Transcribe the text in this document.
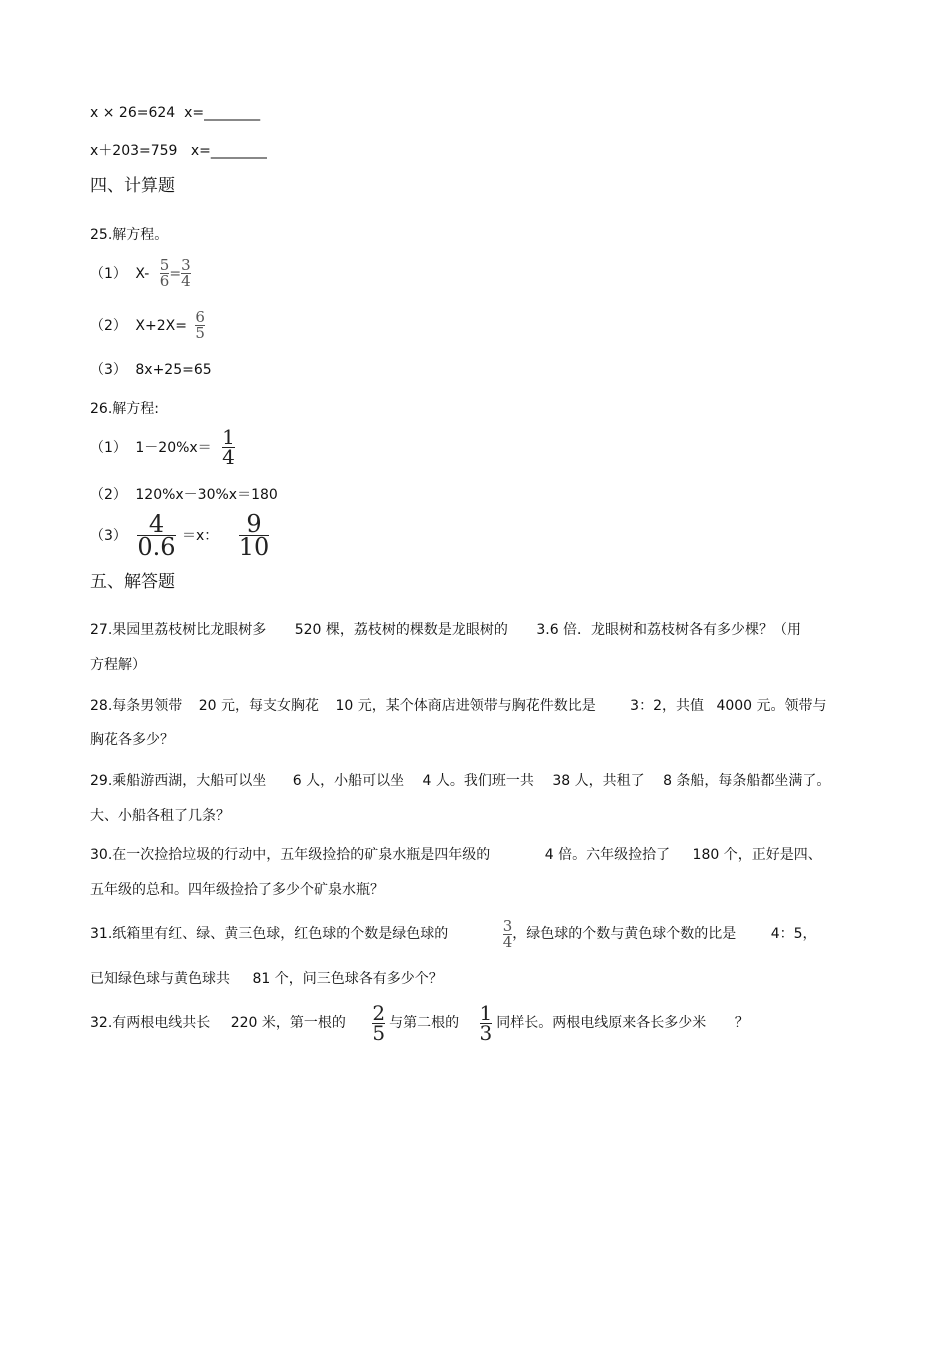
x × 26=624 x=________
x＋203=759 x=________
四、计算题
25.解方程。
（1） $X- \frac{5}{6} = \frac{3}{4}$
（2） $X+2X= \frac{6}{5}$
（3） 8x+25=65
26.解方程:
（1） $1-20\%x= \frac{1}{4}$
（2） 120%x－30%x＝180
$(3) \frac{4}{0.6} =x$： $\frac{9}{10}$
五、解答题
27.果园里荔枝树比龙眼树多 520 棵，荔枝树的棵数是龙眼树的 3.6 倍．龙眼树和荔枝树各有多少棵？（用
方程解）
28.每条男领带 20 元，每支女胸花 10 元，某个体商店进领带与胸花件数比是 3：2，共值 4000 元。领带与
胸花各多少？
29.乘船游西湖，大船可以坐 6 人，小船可以坐 4 人。我们班一共 38 人，共租了 8 条船，每条船都坐满了。
大、小船各租了几条？
30.在一次捡拾垃圾的行动中，五年级捡拾的矿泉水瓶是四年级的	4 倍。六年级捡拾了 180 个，正好是四、
五年级的总和。四年级捡拾了多少个矿泉水瓶？
31.纸箱里有红、绿、黄三色球，红色球的个数是绿色球的	$\frac{3}{4}$ ，绿色球的个数与黄色球个数的比是 4：5，
已知绿色球与黄色球共 81 个，问三色球各有多少个？
32.有两根电线共长 220 米，第一根的 $\frac{2}{5}$ 与第二根的 $\frac{1}{3}$ 同样长。两根电线原来各长多少米 ？
